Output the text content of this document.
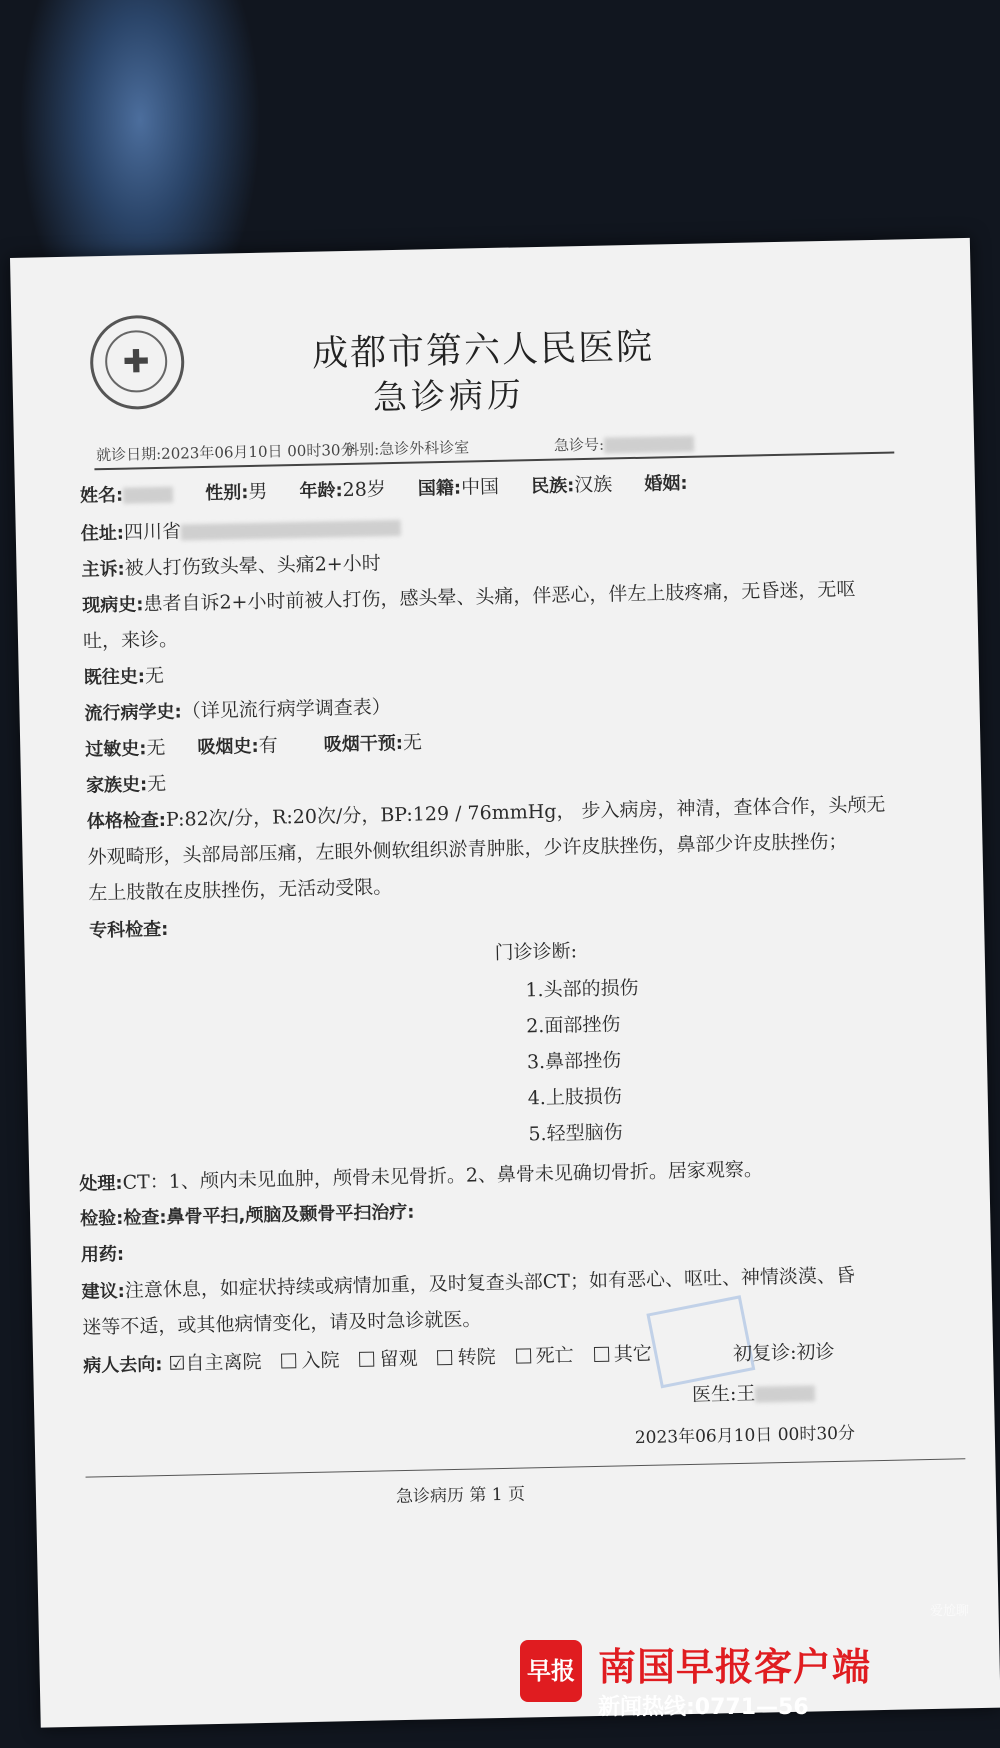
✚	成都市第六人民医院
急诊病历
就诊日期:2023年06月10日 00时30分
科别:急诊外科诊室	急诊号:
姓名:	性别:男 年龄:28岁 国籍:中国 民族:汉族 婚姻:
住址:四川省
主诉:被人打伤致头晕、头痛2+小时
现病史:患者自诉2+小时前被人打伤，感头晕、头痛，伴恶心，伴左上肢疼痛，无昏迷，无呕
吐，来诊。
既往史:无
流行病学史:（详见流行病学调查表）
过敏史:无 吸烟史:有	吸烟干预:无
家族史:无
体格检查:P:82次/分，R:20次/分，BP:129 / 76mmHg， 步入病房，神清，查体合作，头颅无
外观畸形，头部局部压痛，左眼外侧软组织淤青肿胀，少许皮肤挫伤，鼻部少许皮肤挫伤；
左上肢散在皮肤挫伤，无活动受限。
专科检查:
门诊诊断:
1.头部的损伤
2.面部挫伤
3.鼻部挫伤
4.上肢损伤
5.轻型脑伤
处理:CT：1、颅内未见血肿，颅骨未见骨折。2、鼻骨未见确切骨折。居家观察。
检验:检查:鼻骨平扫,颅脑及颞骨平扫治疗:
用药:
建议:注意休息，如症状持续或病情加重，及时复查头部CT；如有恶心、呕吐、神情淡漠、昏
迷等不适，或其他病情变化，请及时急诊就医。
病人去向: ☑自主离院 入院 留观 转院 死亡 其它	初复诊:初诊
医生:王
2023年06月10日 00时30分
急诊病历 第 1 页
早报 南国早报客户端
新闻热线:0771—56
爱尬聊
